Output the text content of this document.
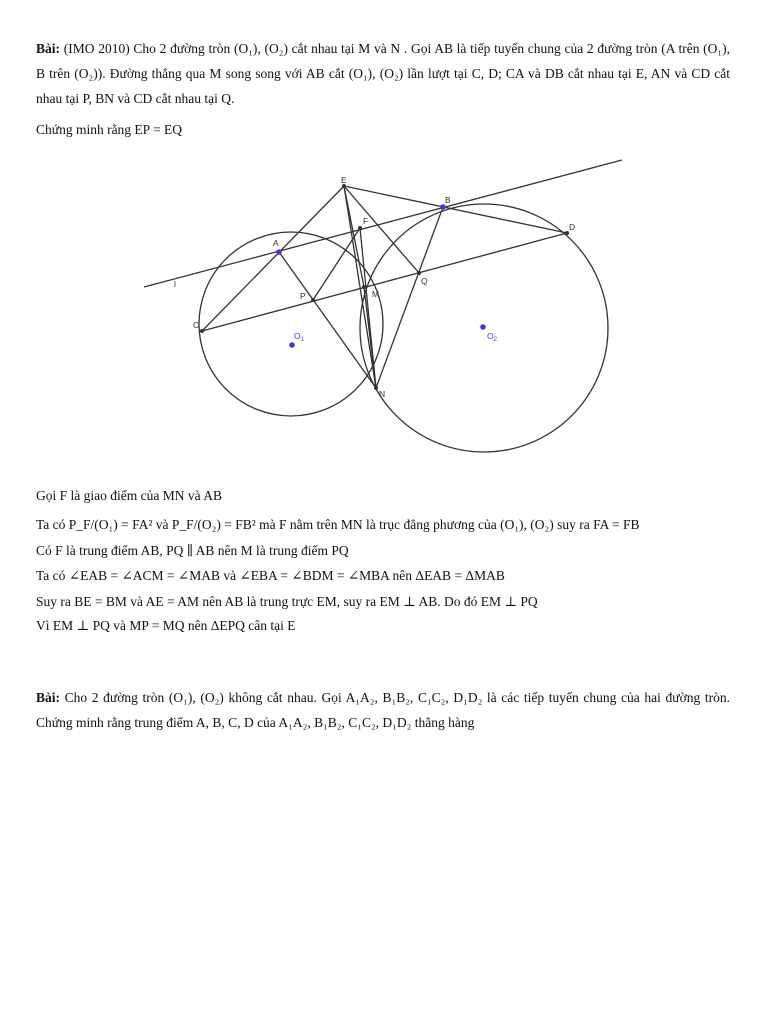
Bài: (IMO 2010) Cho 2 đường tròn (O₁), (O₂) cắt nhau tại M và N . Gọi AB là tiếp tuyến chung của 2 đường tròn (A trên (O₁), B trên (O₂)). Đường thẳng qua M song song với AB cắt (O₁), (O₂) lần lượt tại C, D; CA và DB cắt nhau tại E, AN và CD cắt nhau tại P, BN và CD cắt nhau tại Q.
Chứng minh rằng EP = EQ
E
F
B
D
A
l
P	M
Q
C
N
$O_1$	$O_2$
Gọi F là giao điểm của MN và AB
Ta có P_F/(O₁) = FA² và P_F/(O₂) = FB² mà F nằm trên MN là trục đẳng phương của (O₁), (O₂) suy ra FA = FB
Có F là trung điểm AB, PQ ∥ AB nên M là trung điểm PQ
Ta có ∠EAB = ∠ACM = ∠MAB và ∠EBA = ∠BDM = ∠MBA nên ΔEAB = ΔMAB
Suy ra BE = BM và AE = AM nên AB là trung trực EM, suy ra EM ⊥ AB. Do đó EM ⊥ PQ
Vì EM ⊥ PQ và MP = MQ nên ΔEPQ cân tại E
Bài: Cho 2 đường tròn (O₁), (O₂) không cắt nhau. Gọi A₁A₂, B₁B₂, C₁C₂, D₁D₂ là các tiếp tuyến chung của hai đường tròn. Chứng minh rằng trung điểm A, B, C, D của A₁A₂, B₁B₂, C₁C₂, D₁D₂ thẳng hàng
